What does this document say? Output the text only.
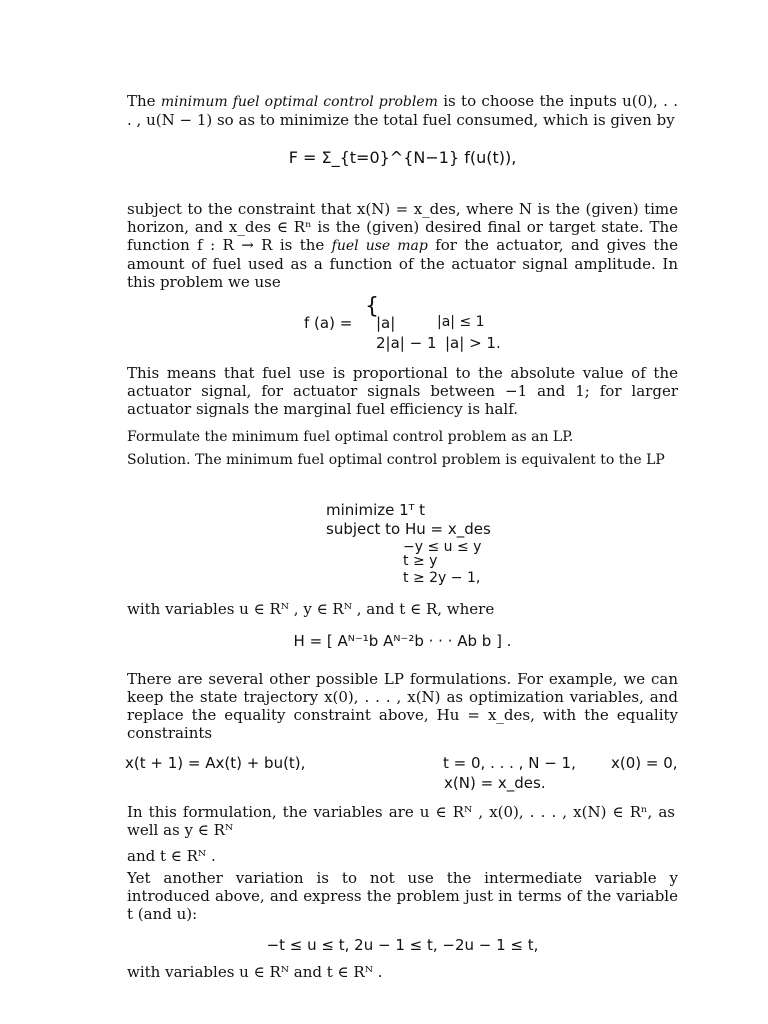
The minimum fuel optimal control problem is to choose the inputs u(0), . . . , u(N − 1) so as to minimize the total fuel consumed, which is given by

F = Σ_{t=0}^{N−1} f(u(t)),

subject to the constraint that x(N) = x_des, where N is the (given) time horizon, and x_des ∈ Rⁿ is the (given) desired final or target state. The function f : R → R is the fuel use map for the actuator, and gives the amount of fuel used as a function of the actuator signal amplitude. In this problem we use

f (a) =
{
|a|	|a| ≤ 1
2|a| − 1 |a| > 1.

This means that fuel use is proportional to the absolute value of the actuator signal, for actuator signals between −1 and 1; for larger actuator signals the marginal fuel efficiency is half.

Formulate the minimum fuel optimal control problem as an LP.

Solution. The minimum fuel optimal control problem is equivalent to the LP

minimize 1ᵀ t
subject to Hu = x_des
−y ≤ u ≤ y
t ≥ y
t ≥ 2y − 1,

with variables u ∈ Rᴺ , y ∈ Rᴺ , and t ∈ R, where

H = [ Aᴺ⁻¹b Aᴺ⁻²b · · · Ab b ] .

There are several other possible LP formulations. For example, we can keep the state trajectory x(0), . . . , x(N) as optimization variables, and replace the equality constraint above, Hu = x_des, with the equality constraints

x(t + 1) = Ax(t) + bu(t),	t = 0, . . . , N − 1, x(0) = 0,
x(N) = x_des.

In this formulation, the variables are u ∈ Rᴺ , x(0), . . . , x(N) ∈ Rⁿ, as well as y ∈ Rᴺ

and t ∈ Rᴺ .

Yet another variation is to not use the intermediate variable y introduced above, and express the problem just in terms of the variable t (and u):

−t ≤ u ≤ t, 2u − 1 ≤ t, −2u − 1 ≤ t,

with variables u ∈ Rᴺ and t ∈ Rᴺ .
